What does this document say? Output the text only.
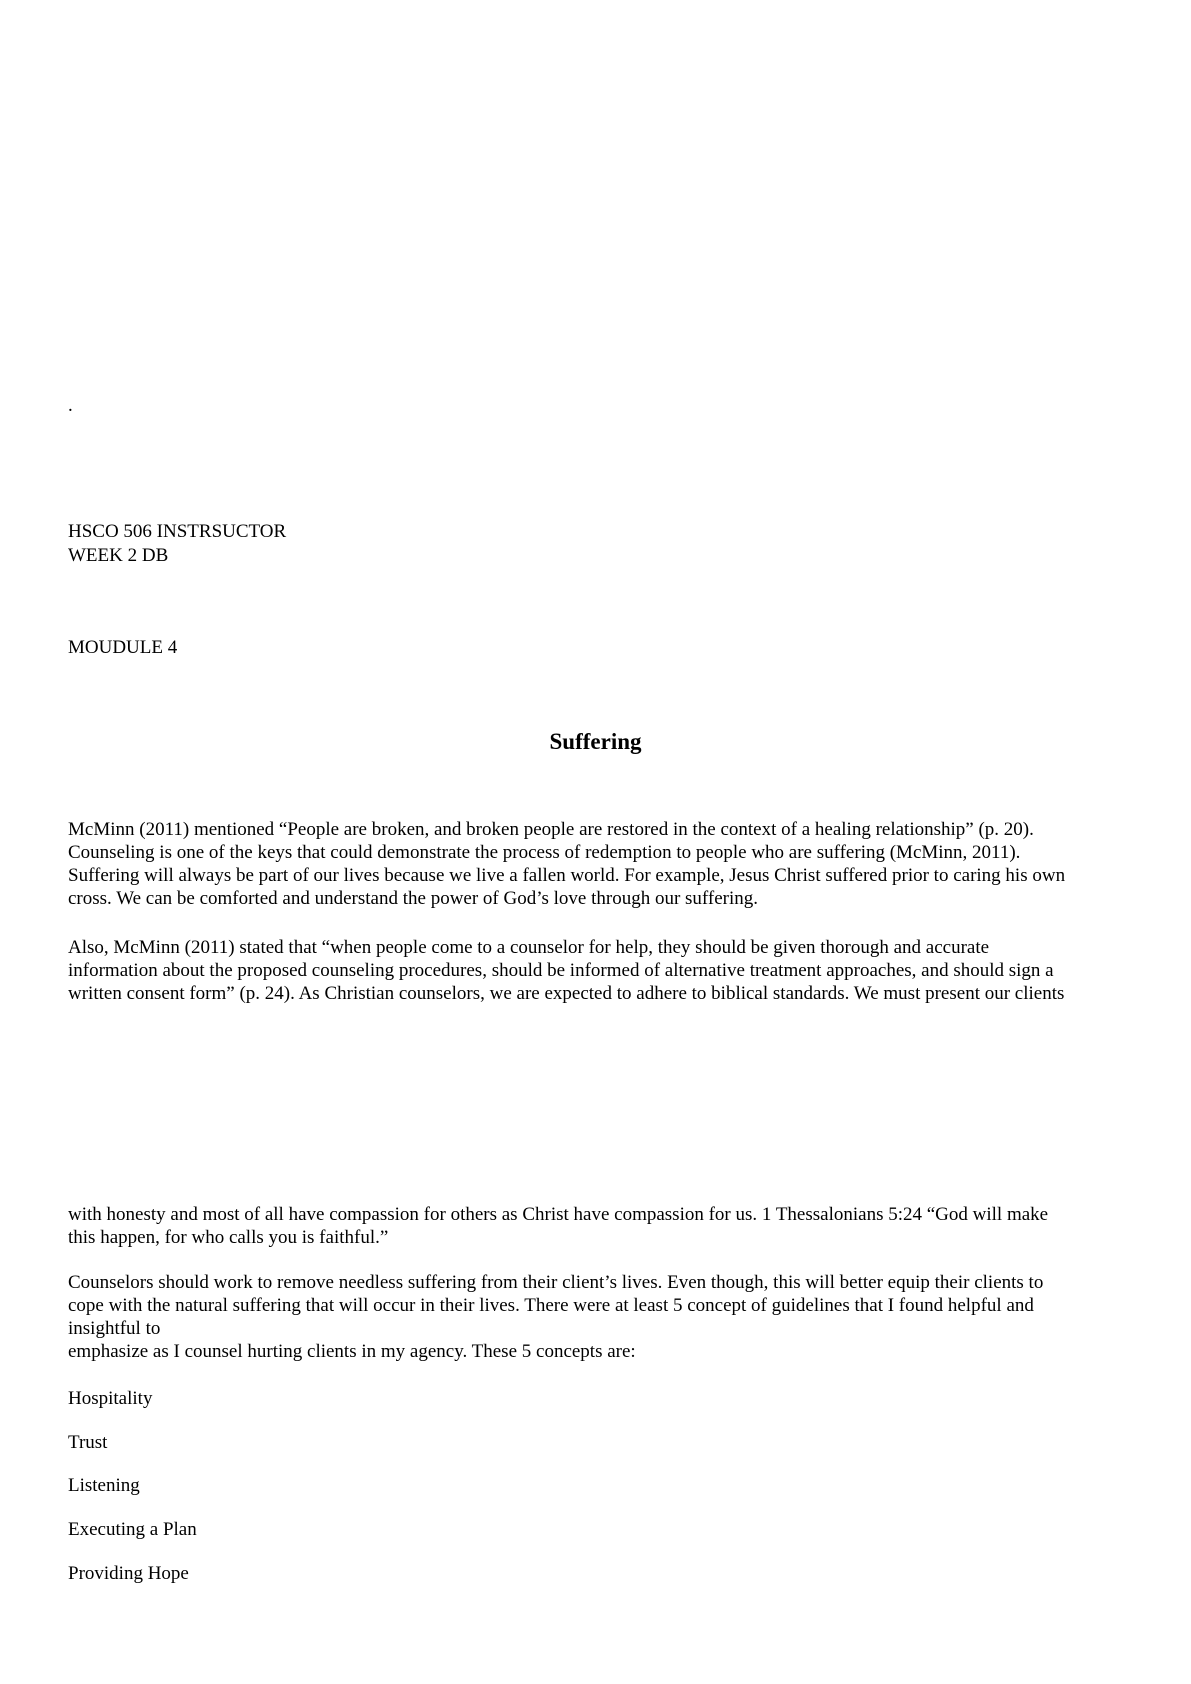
.
HSCO 506 INSTRSUCTOR
WEEK 2 DB
MOUDULE 4
Suffering
McMinn (2011) mentioned “People are broken, and broken people are restored in the context of a healing relationship” (p. 20).
Counseling is one of the keys that could demonstrate the process of redemption to people who are suffering (McMinn, 2011).
Suffering will always be part of our lives because we live a fallen world. For example, Jesus Christ suffered prior to caring his own
cross. We can be comforted and understand the power of God’s love through our suffering.
Also, McMinn (2011) stated that “when people come to a counselor for help, they should be given thorough and accurate
information about the proposed counseling procedures, should be informed of alternative treatment approaches, and should sign a
written consent form” (p. 24). As Christian counselors, we are expected to adhere to biblical standards. We must present our clients
with honesty and most of all have compassion for others as Christ have compassion for us. 1 Thessalonians 5:24 “God will make
this happen, for who calls you is faithful.”
Counselors should work to remove needless suffering from their client’s lives. Even though, this will better equip their clients to
cope with the natural suffering that will occur in their lives. There were at least 5 concept of guidelines that I found helpful and
insightful to
emphasize as I counsel hurting clients in my agency. These 5 concepts are:
Hospitality
Trust
Listening
Executing a Plan
Providing Hope
